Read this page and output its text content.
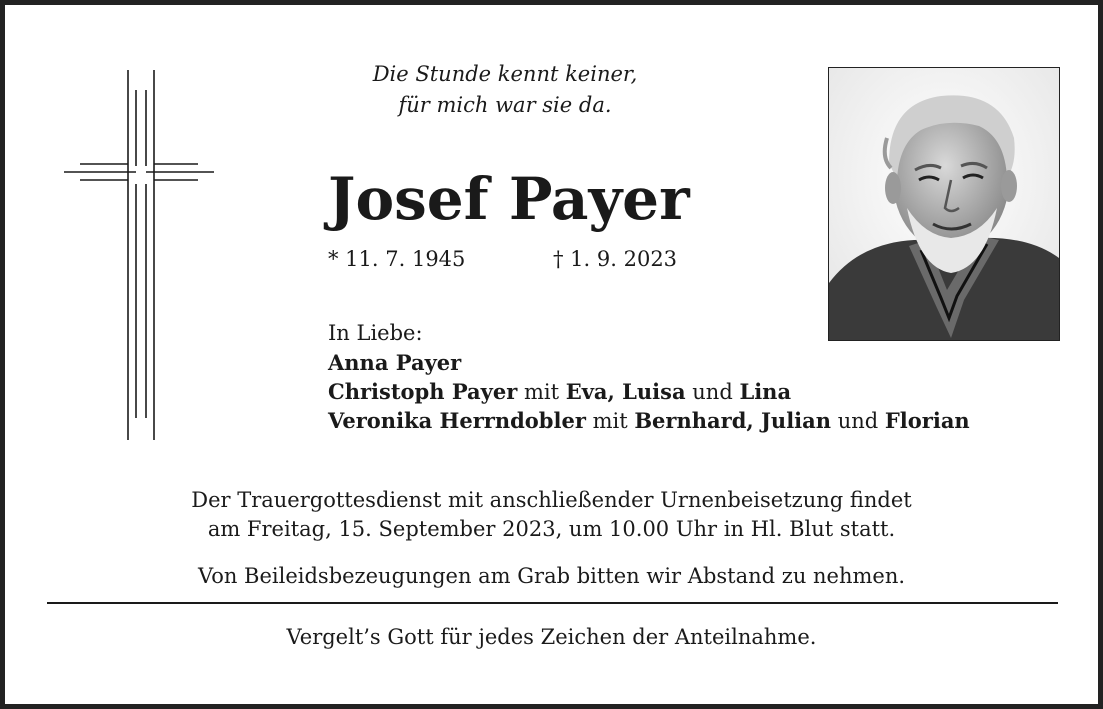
Die Stunde kennt keiner,
für mich war sie da.
Josef Payer
* 11. 7. 1945	† 1. 9. 2023
In Liebe:
Anna Payer
Christoph Payer mit Eva, Luisa und Lina
Veronika Herrndobler mit Bernhard, Julian und Florian
Der Trauergottesdienst mit anschließender Urnenbeisetzung findet
am Freitag, 15. September 2023, um 10.00 Uhr in Hl. Blut statt.
Von Beileidsbezeugungen am Grab bitten wir Abstand zu nehmen.
Vergelt’s Gott für jedes Zeichen der Anteilnahme.
